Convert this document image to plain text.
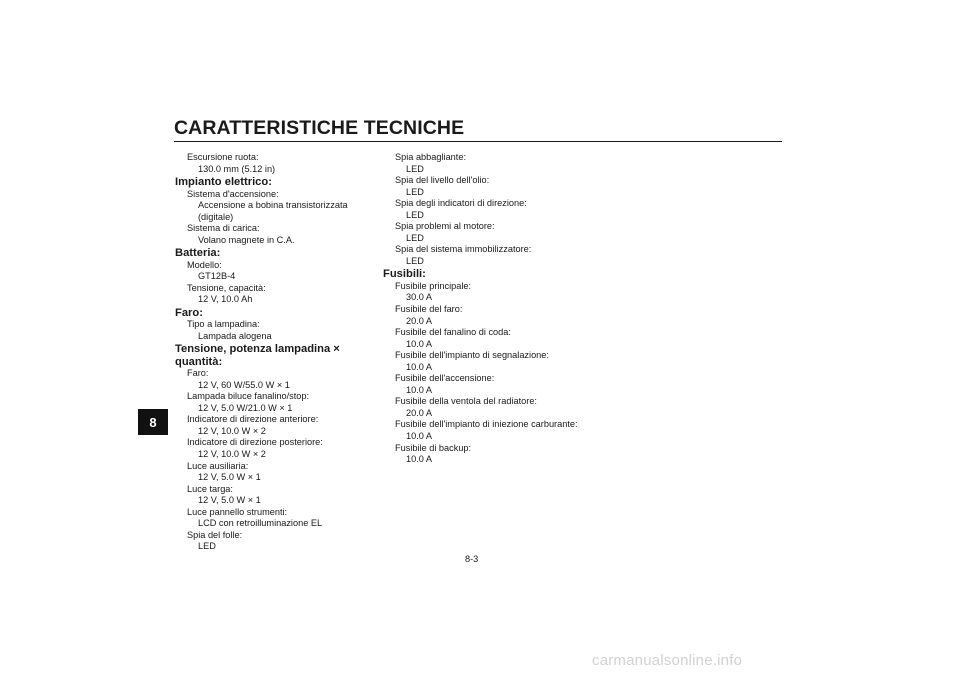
CARATTERISTICHE TECNICHE
8
Escursione ruota:
130.0 mm (5.12 in)
Impianto elettrico:
Sistema d'accensione:
Accensione a bobina transistorizzata
(digitale)
Sistema di carica:
Volano magnete in C.A.
Batteria:
Modello:
GT12B-4
Tensione, capacità:
12 V, 10.0 Ah
Faro:
Tipo a lampadina:
Lampada alogena
Tensione, potenza lampadina × quantità:
Faro:
12 V, 60 W/55.0 W × 1
Lampada biluce fanalino/stop:
12 V, 5.0 W/21.0 W × 1
Indicatore di direzione anteriore:
12 V, 10.0 W × 2
Indicatore di direzione posteriore:
12 V, 10.0 W × 2
Luce ausiliaria:
12 V, 5.0 W × 1
Luce targa:
12 V, 5.0 W × 1
Luce pannello strumenti:
LCD con retroilluminazione EL
Spia del folle:
LED
Spia abbagliante:
LED
Spia del livello dell'olio:
LED
Spia degli indicatori di direzione:
LED
Spia problemi al motore:
LED
Spia del sistema immobilizzatore:
LED
Fusibili:
Fusibile principale:
30.0 A
Fusibile del faro:
20.0 A
Fusibile del fanalino di coda:
10.0 A
Fusibile dell'impianto di segnalazione:
10.0 A
Fusibile dell'accensione:
10.0 A
Fusibile della ventola del radiatore:
20.0 A
Fusibile dell'impianto di iniezione carburante:
10.0 A
Fusibile di backup:
10.0 A
8-3
carmanualsonline.info
